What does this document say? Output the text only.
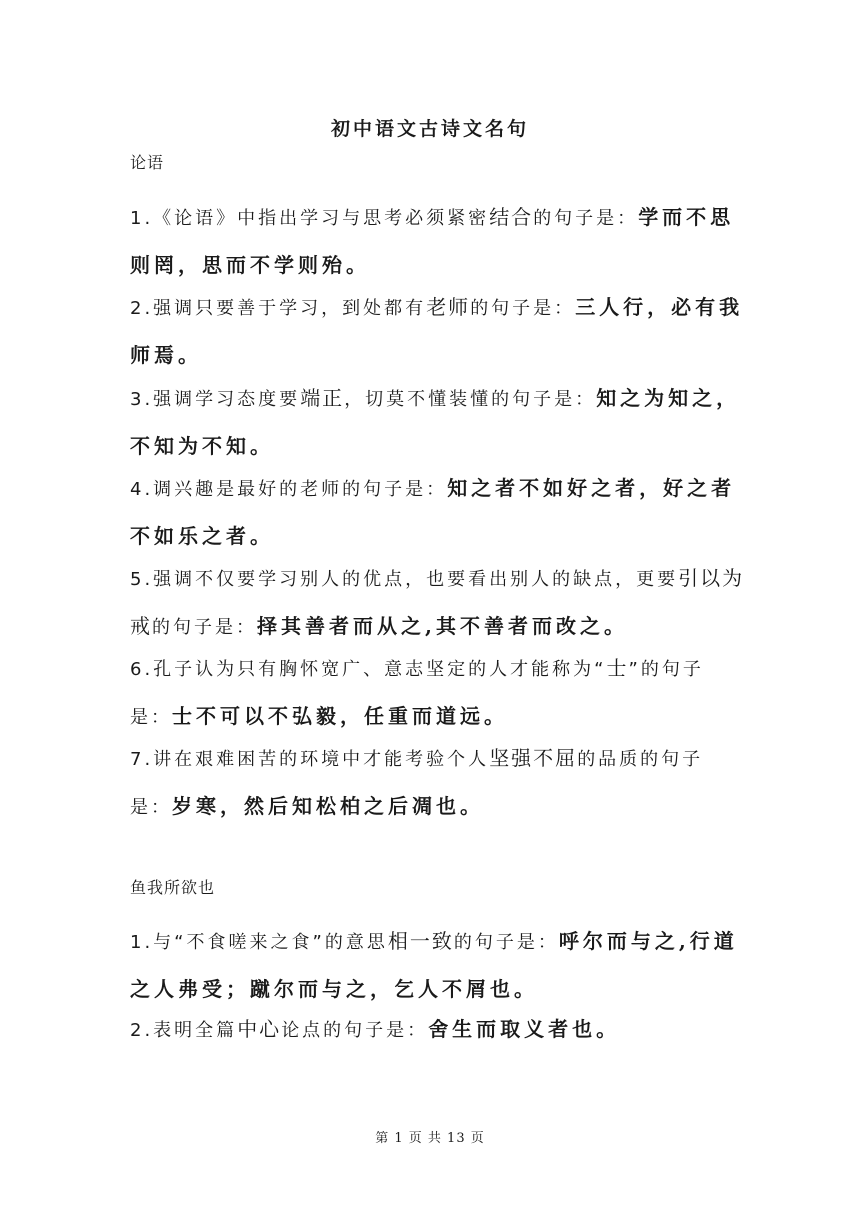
初中语文古诗文名句
论语
1.《论语》中指出学习与思考必须紧密结合的句子是：学而不思则罔，思而不学则殆。
2.强调只要善于学习，到处都有老师的句子是：三人行，必有我师焉。
3.强调学习态度要端正，切莫不懂装懂的句子是：知之为知之，不知为不知。
4.调兴趣是最好的老师的句子是：知之者不如好之者，好之者不如乐之者。
5.强调不仅要学习别人的优点，也要看出别人的缺点，更要引以为戒的句子是：择其善者而从之,其不善者而改之。
6.孔子认为只有胸怀宽广、意志坚定的人才能称为“士”的句子是：士不可以不弘毅，任重而道远。
7.讲在艰难困苦的环境中才能考验个人坚强不屈的品质的句子是：岁寒，然后知松柏之后凋也。
鱼我所欲也
1.与“不食嗟来之食”的意思相一致的句子是：呼尔而与之,行道之人弗受；蹴尔而与之，乞人不屑也。
2.表明全篇中心论点的句子是：舍生而取义者也。
第 1 页 共 13 页
